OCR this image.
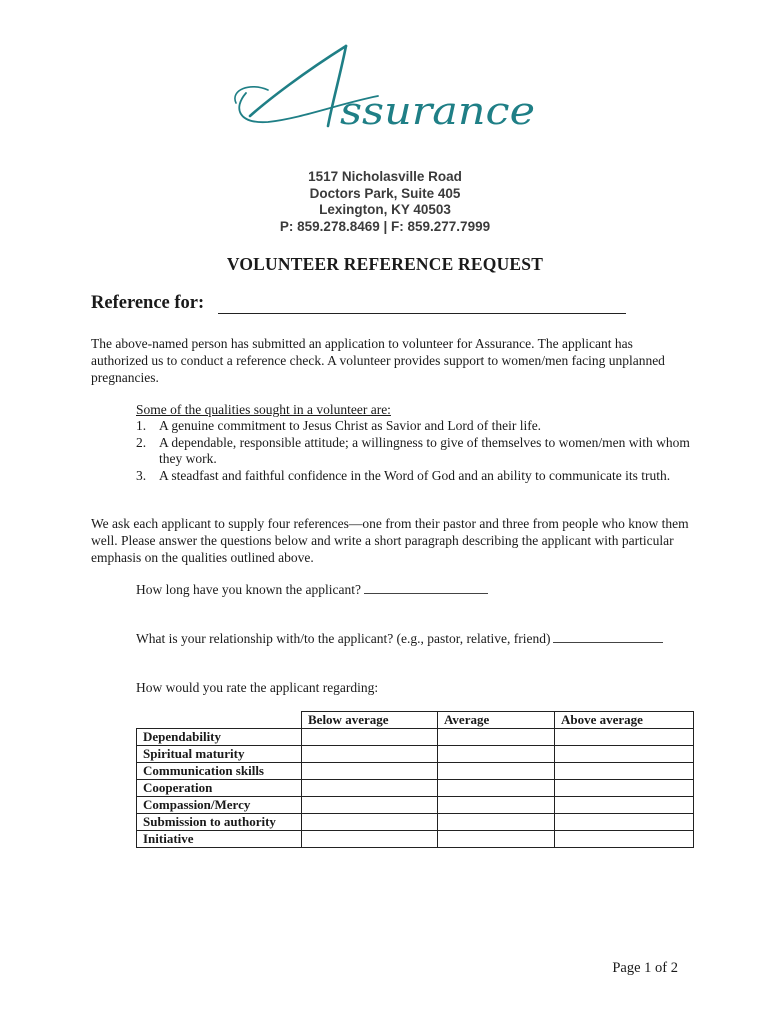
ssurance
1517 Nicholasville Road
Doctors Park, Suite 405
Lexington, KY 40503
P: 859.278.8469 | F: 859.277.7999
VOLUNTEER REFERENCE REQUEST
Reference for:
The above-named person has submitted an application to volunteer for Assurance. The applicant has authorized us to conduct a reference check. A volunteer provides support to women/men facing unplanned pregnancies.
Some of the qualities sought in a volunteer are:
1. A genuine commitment to Jesus Christ as Savior and Lord of their life.
2. A dependable, responsible attitude; a willingness to give of themselves to women/men with whom they work.
3. A steadfast and faithful confidence in the Word of God and an ability to communicate its truth.
We ask each applicant to supply four references—one from their pastor and three from people who know them well. Please answer the questions below and write a short paragraph describing the applicant with particular emphasis on the qualities outlined above.
How long have you known the applicant?
What is your relationship with/to the applicant? (e.g., pastor, relative, friend)
How would you rate the applicant regarding:
	Below average	Average	Above average
Dependability			
Spiritual maturity			
Communication skills			
Cooperation			
Compassion/Mercy			
Submission to authority			
Initiative			
Page 1 of 2
